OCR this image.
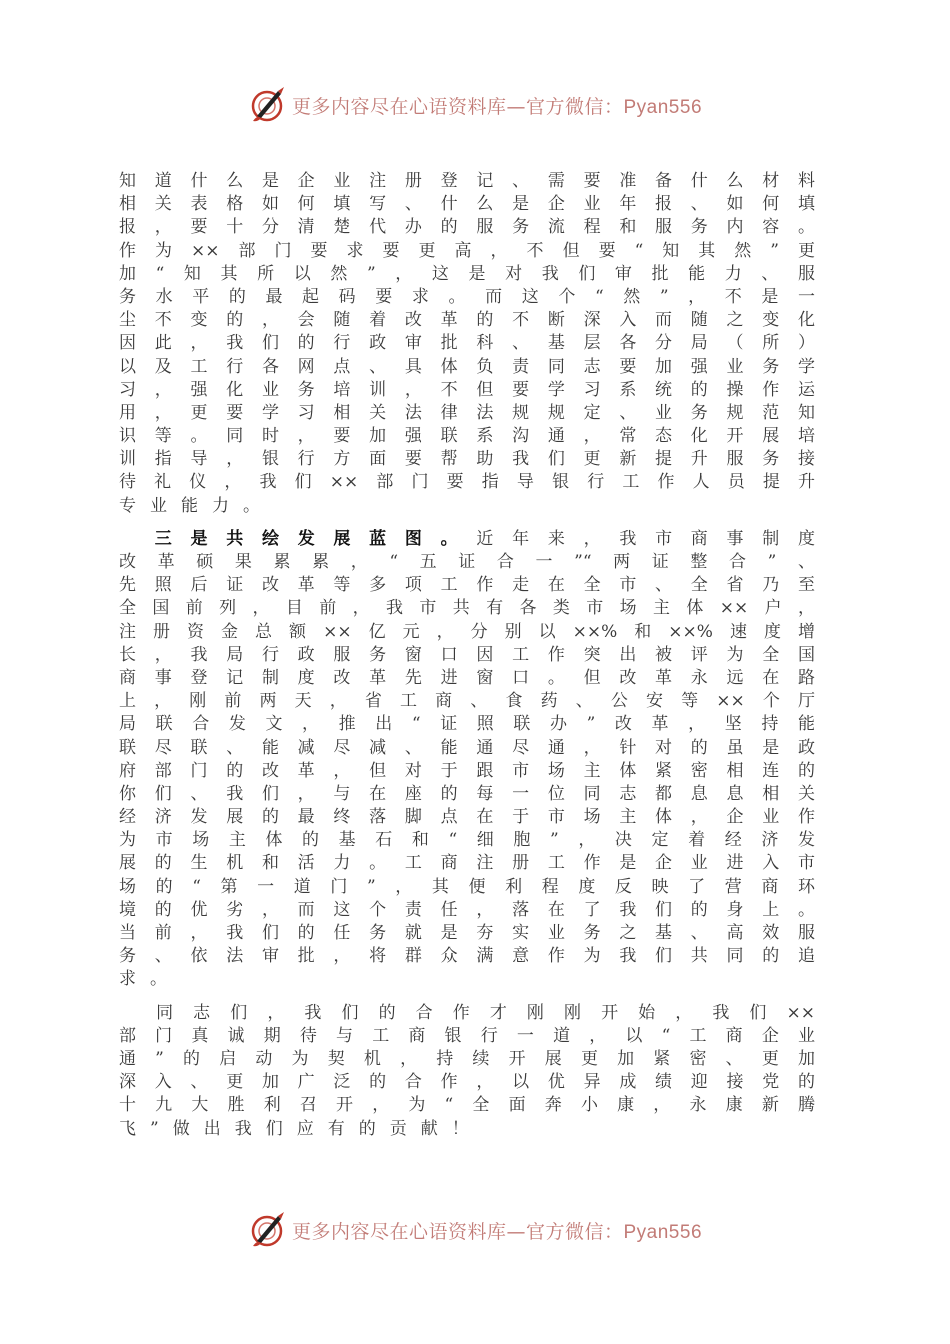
更多内容尽在心语资料库—官方微信：Pyan556
知道什么是企业注册登记、需要准备什么材料
相关表格如何填写、什么是企业年报、如何填
报，要十分清楚代办的服务流程和服务内容。
作为××部门要求要更高，不但要“知其然”更
加“知其所以然”，这是对我们审批能力、服
务水平的最起码要求。而这个“然”，不是一
尘不变的，会随着改革的不断深入而随之变化
因此，我们的行政审批科、基层各分局（所）
以及工行各网点、具体负责同志要加强业务学
习，强化业务培训，不但要学习系统的操作运
用，更要学习相关法律法规规定、业务规范知
识等。同时，要加强联系沟通，常态化开展培
训指导，银行方面要帮助我们更新提升服务接
待礼仪，我们××部门要指导银行工作人员提升
专业能力。
　三是共绘发展蓝图。近年来，我市商事制度
改革硕果累累，“五证合一”“两证整合”、
先照后证改革等多项工作走在全市、全省乃至
全国前列，目前，我市共有各类市场主体××户，
注册资金总额××亿元，分别以××%和××%速度增
长，我局行政服务窗口因工作突出被评为全国
商事登记制度改革先进窗口。但改革永远在路
上，刚前两天，省工商、食药、公安等××个厅
局联合发文，推出“证照联办”改革，坚持能
联尽联、能减尽减、能通尽通，针对的虽是政
府部门的改革，但对于跟市场主体紧密相连的
你们、我们，与在座的每一位同志都息息相关
经济发展的最终落脚点在于市场主体，企业作
为市场主体的基石和“细胞”，决定着经济发
展的生机和活力。工商注册工作是企业进入市
场的“第一道门”，其便利程度反映了营商环
境的优劣，而这个责任，落在了我们的身上。
当前，我们的任务就是夯实业务之基、高效服
务、依法审批，将群众满意作为我们共同的追
求。
　同志们，我们的合作才刚刚开始，我们××
部门真诚期待与工商银行一道，以“工商企业
通”的启动为契机，持续开展更加紧密、更加
深入、更加广泛的合作，以优异成绩迎接党的
十九大胜利召开，为“全面奔小康，永康新腾
飞”做出我们应有的贡献！
更多内容尽在心语资料库—官方微信：Pyan556
